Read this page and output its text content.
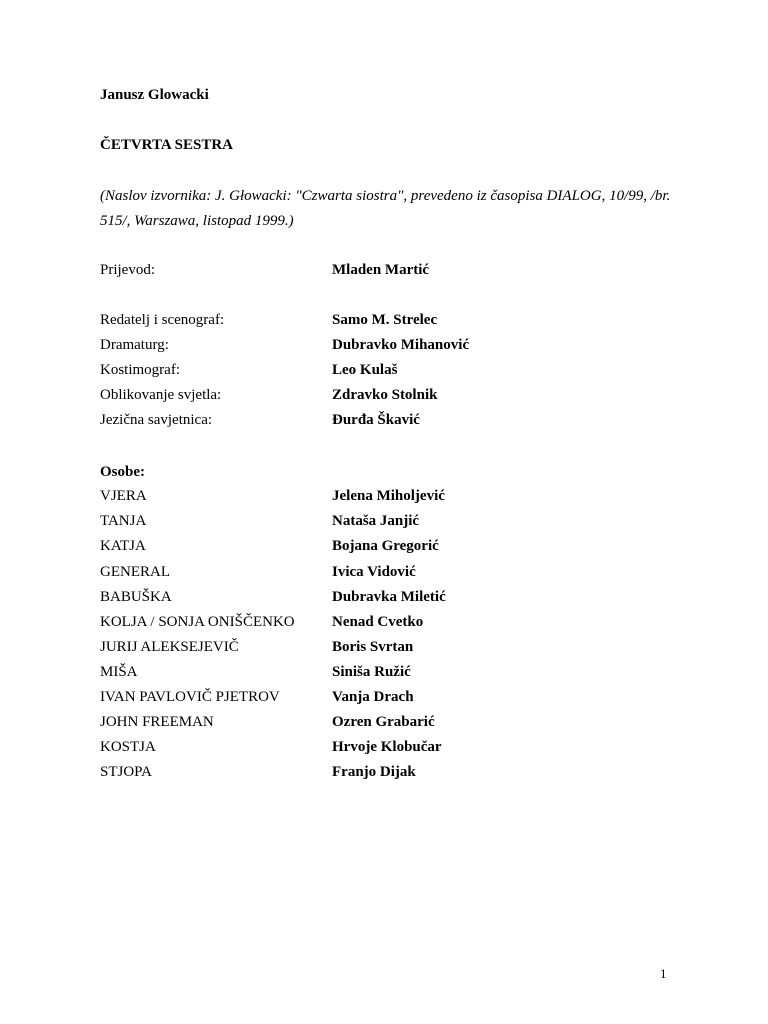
Janusz Glowacki
ČETVRTA SESTRA

(Naslov izvornika: J. Głowacki: "Czwarta siostra", prevedeno iz časopisa DIALOG, 10/99, /br. 515/, Warszawa, listopad 1999.)

Prijevod:	Mladen Martić
Redatelj i scenograf:	Samo M. Strelec
Dramaturg:	Dubravko Mihanović
Kostimograf:	Leo Kulaš
Oblikovanje svjetla:	Zdravko Stolnik
Jezična savjetnica:	Đurđa Škavić
Osobe:
VJERA	Jelena Miholjević
TANJA	Nataša Janjić
KATJA	Bojana Gregorić
GENERAL	Ivica Vidović
BABUŠKA	Dubravka Miletić
KOLJA / SONJA ONIŠČENKO Nenad Cvetko
JURIJ ALEKSEJEVIČ	Boris Svrtan
MIŠA	Siniša Ružić
IVAN PAVLOVIČ PJETROV	Vanja Drach
JOHN FREEMAN	Ozren Grabarić
KOSTJA	Hrvoje Klobučar
STJOPA	Franjo Dijak
1
